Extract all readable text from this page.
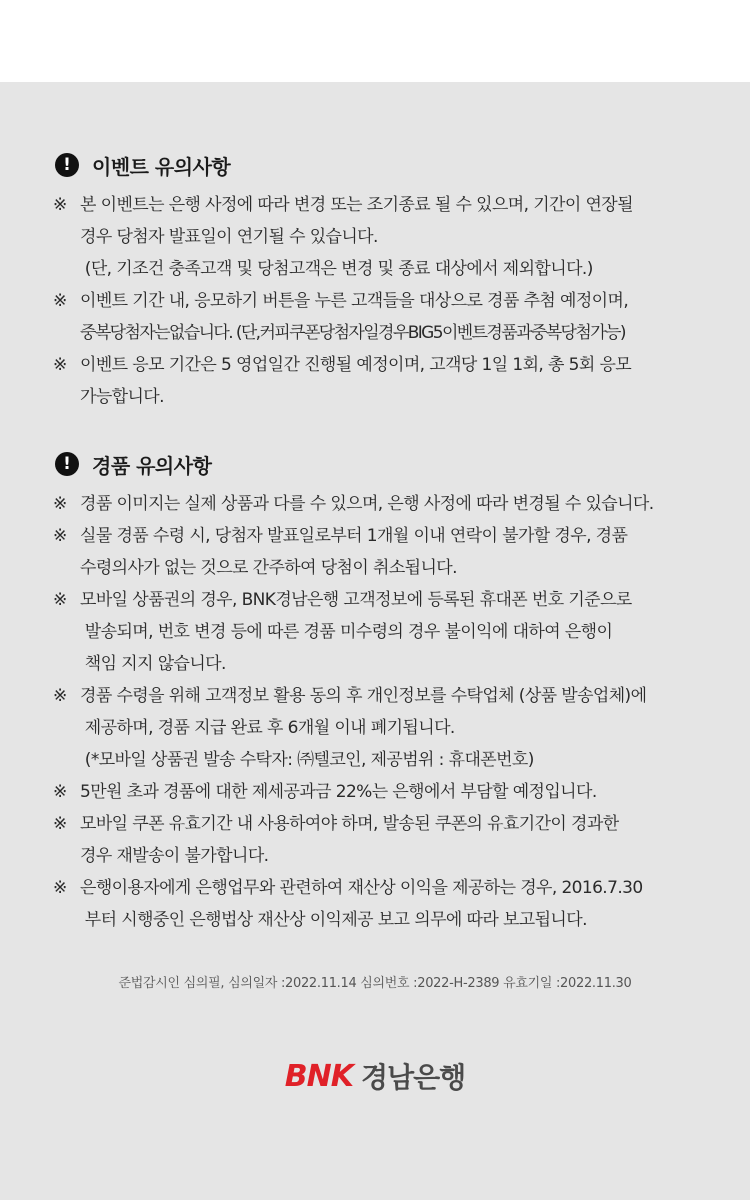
!	이벤트 유의사항
※ 본 이벤트는 은행 사정에 따라 변경 또는 조기종료 될 수 있으며, 기간이 연장될
경우 당첨자 발표일이 연기될 수 있습니다.
(단, 기조건 충족고객 및 당첨고객은 변경 및 종료 대상에서 제외합니다.)
※ 이벤트 기간 내, 응모하기 버튼을 누른 고객들을 대상으로 경품 추첨 예정이며,
중복당첨자는없습니다. (단,커피쿠폰당첨자일경우BIG5이벤트경품과중복당첨가능)
※ 이벤트 응모 기간은 5 영업일간 진행될 예정이며, 고객당 1일 1회, 총 5회 응모
가능합니다.
!	경품 유의사항
※ 경품 이미지는 실제 상품과 다를 수 있으며, 은행 사정에 따라 변경될 수 있습니다.
※ 실물 경품 수령 시, 당첨자 발표일로부터 1개월 이내 연락이 불가할 경우, 경품
수령의사가 없는 것으로 간주하여 당첨이 취소됩니다.
※ 모바일 상품권의 경우, BNK경남은행 고객정보에 등록된 휴대폰 번호 기준으로
발송되며, 번호 변경 등에 따른 경품 미수령의 경우 불이익에 대하여 은행이
책임 지지 않습니다.
※ 경품 수령을 위해 고객정보 활용 동의 후 개인정보를 수탁업체 (상품 발송업체)에
제공하며, 경품 지급 완료 후 6개월 이내 폐기됩니다.
(*모바일 상품권 발송 수탁자: ㈜텔코인, 제공범위 : 휴대폰번호)
※ 5만원 초과 경품에 대한 제세공과금 22%는 은행에서 부담할 예정입니다.
※ 모바일 쿠폰 유효기간 내 사용하여야 하며, 발송된 쿠폰의 유효기간이 경과한
경우 재발송이 불가합니다.
※ 은행이용자에게 은행업무와 관련하여 재산상 이익을 제공하는 경우, 2016.7.30
부터 시행중인 은행법상 재산상 이익제공 보고 의무에 따라 보고됩니다.
준법감시인 심의필, 심의일자 :2022.11.14 심의번호 :2022-H-2389 유효기일 :2022.11.30
BNK 경남은행
